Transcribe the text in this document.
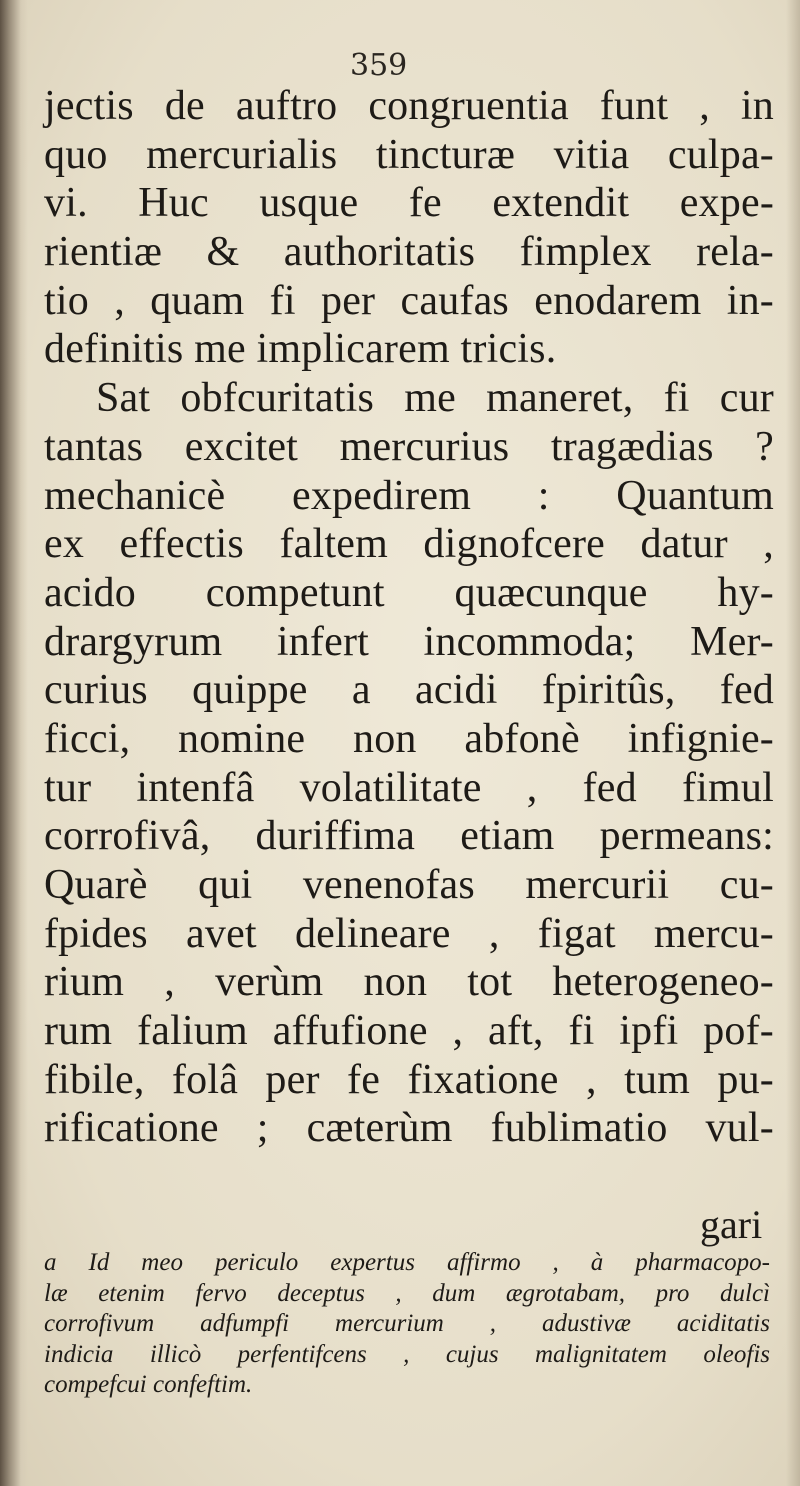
359
jectis de auftro congruentia funt , in
quo mercurialis tincturæ vitia culpa-
vi. Huc usque fe extendit expe-
rientiæ & authoritatis fimplex rela-
tio , quam fi per caufas enodarem in-
definitis me implicarem tricis.
Sat obfcuritatis me maneret, fi cur
tantas excitet mercurius tragædias ?
mechanicè expedirem : Quantum
ex effectis faltem dignofcere datur ,
acido competunt quæcunque hy-
drargyrum infert incommoda; Mer-
curius quippe a acidi fpiritûs, fed
ficci, nomine non abfonè infignie-
tur intenfâ volatilitate , fed fimul
corrofivâ, duriffima etiam permeans:
Quarè qui venenofas mercurii cu-
fpides avet delineare , figat mercu-
rium , verùm non tot heterogeneo-
rum falium affufione , aft, fi ipfi pof-
fibile, folâ per fe fixatione , tum pu-
rificatione ; cæterùm fublimatio vul-
gari
a Id meo periculo expertus affirmo , à pharmacopo-
læ etenim fervo deceptus , dum ægrotabam, pro dulcì
corrofivum adfumpfi mercurium , adustivæ aciditatis
indicia illicò perfentifcens , cujus malignitatem oleofis
compefcui confeftim.
